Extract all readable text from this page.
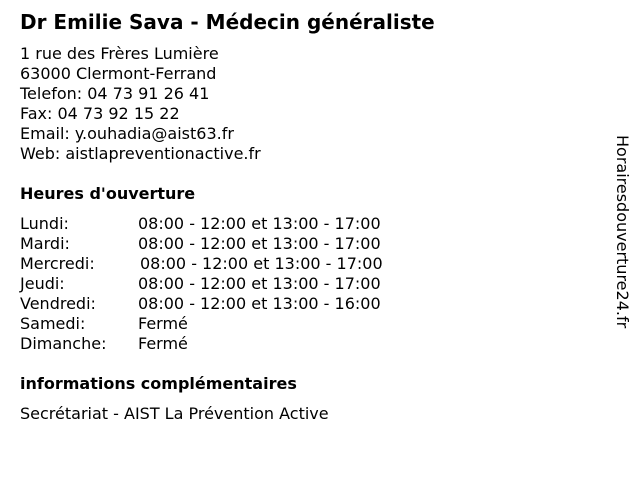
Dr Emilie Sava - Médecin généraliste
1 rue des Frères Lumière
63000 Clermont-Ferrand
Telefon: 04 73 91 26 41
Fax: 04 73 92 15 22
Email: y.ouhadia@aist63.fr
Web: aistlapreventionactive.fr
Heures d'ouverture
Lundi:	08:00 - 12:00 et 13:00 - 17:00
Mardi:	08:00 - 12:00 et 13:00 - 17:00
Mercredi:	08:00 - 12:00 et 13:00 - 17:00
Jeudi:	08:00 - 12:00 et 13:00 - 17:00
Vendredi:	08:00 - 12:00 et 13:00 - 16:00
Samedi:	Fermé
Dimanche:	Fermé
informations complémentaires
Secrétariat - AIST La Prévention Active
Horairesdouverture24.fr
